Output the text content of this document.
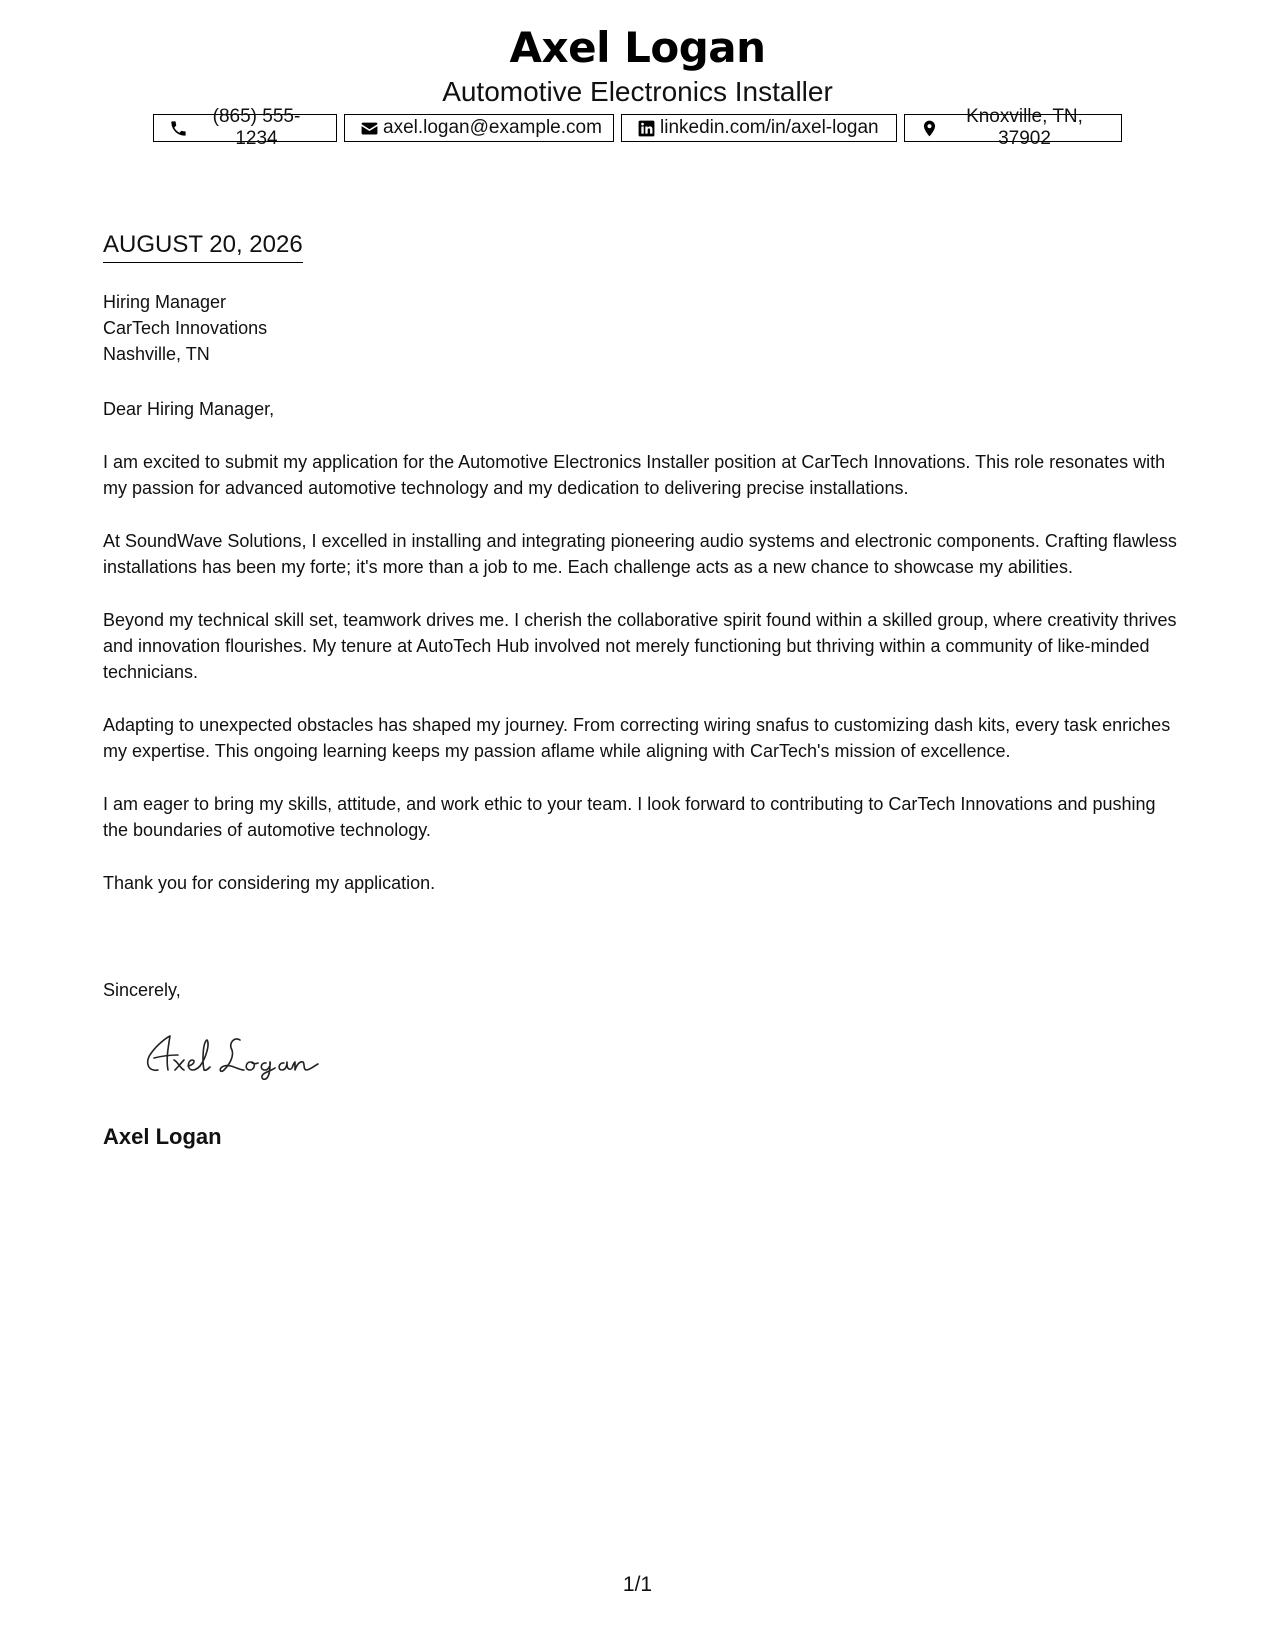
Axel Logan
Automotive Electronics Installer
(865) 555-1234
axel.logan@example.com	linkedin.com/in/axel-logan
Knoxville, TN, 37902
AUGUST 20, 2026
Hiring Manager
CarTech Innovations
Nashville, TN

Dear Hiring Manager,

I am excited to submit my application for the Automotive Electronics Installer position at CarTech Innovations. This role resonates with my passion for advanced automotive technology and my dedication to delivering precise installations.

At SoundWave Solutions, I excelled in installing and integrating pioneering audio systems and electronic components. Crafting flawless installations has been my forte; it's more than a job to me. Each challenge acts as a new chance to showcase my abilities.

Beyond my technical skill set, teamwork drives me. I cherish the collaborative spirit found within a skilled group, where creativity thrives and innovation flourishes. My tenure at AutoTech Hub involved not merely functioning but thriving within a community of like-minded technicians.

Adapting to unexpected obstacles has shaped my journey. From correcting wiring snafus to customizing dash kits, every task enriches my expertise. This ongoing learning keeps my passion aflame while aligning with CarTech's mission of excellence.

I am eager to bring my skills, attitude, and work ethic to your team. I look forward to contributing to CarTech Innovations and pushing the boundaries of automotive technology.

Thank you for considering my application.

Sincerely,
Axel Logan
1/1
